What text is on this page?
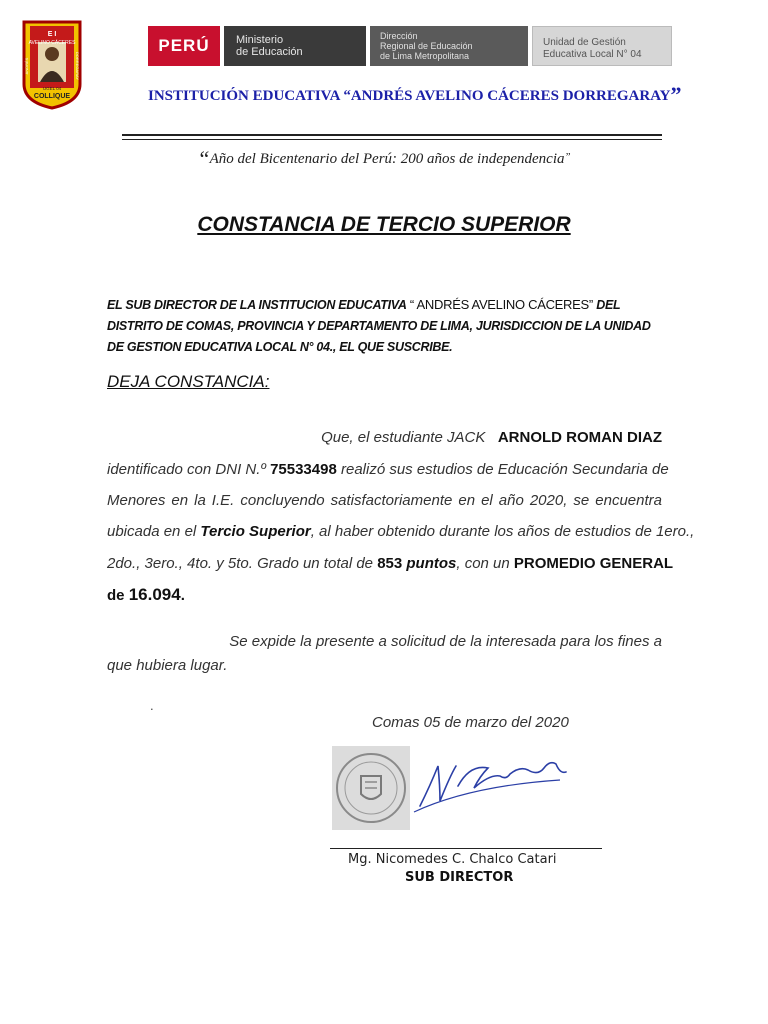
E I
AVELINO CÁCERES
ANDRÉS	DORREGARAY
UGEL 04
COLLIQUE
PERÚ	Ministerio
de Educación
Dirección
Regional de Educación
de Lima Metropolitana
Unidad de Gestión
Educativa Local N° 04
INSTITUCIÓN EDUCATIVA “ANDRÉS AVELINO CÁCERES DORREGARAY”
“Año del Bicentenario del Perú: 200 años de independencia”
CONSTANCIA DE TERCIO SUPERIOR
EL SUB DIRECTOR DE LA INSTITUCION EDUCATIVA “ ANDRÉS AVELINO CÁCERES” DEL
DISTRITO DE COMAS, PROVINCIA Y DEPARTAMENTO DE LIMA, JURISDICCION DE LA UNIDAD
DE GESTION EDUCATIVA LOCAL N° 04., EL QUE SUSCRIBE.
DEJA CONSTANCIA:
Que, el estudiante JACK ARNOLD ROMAN DIAZ
identificado con DNI N.º 75533498 realizó sus estudios de Educación Secundaria de
Menores en la I.E. concluyendo satisfactoriamente en el año 2020, se encuentra
ubicada en el Tercio Superior, al haber obtenido durante los años de estudios de 1ero.,
2do., 3ero., 4to. y 5to. Grado un total de 853 puntos, con un PROMEDIO GENERAL
de 16.094.
Se expide la presente a solicitud de la interesada para los fines a
que hubiera lugar.
.
Comas 05 de marzo del 2020
Mg. Nicomedes C. Chalco Catari
SUB DIRECTOR
